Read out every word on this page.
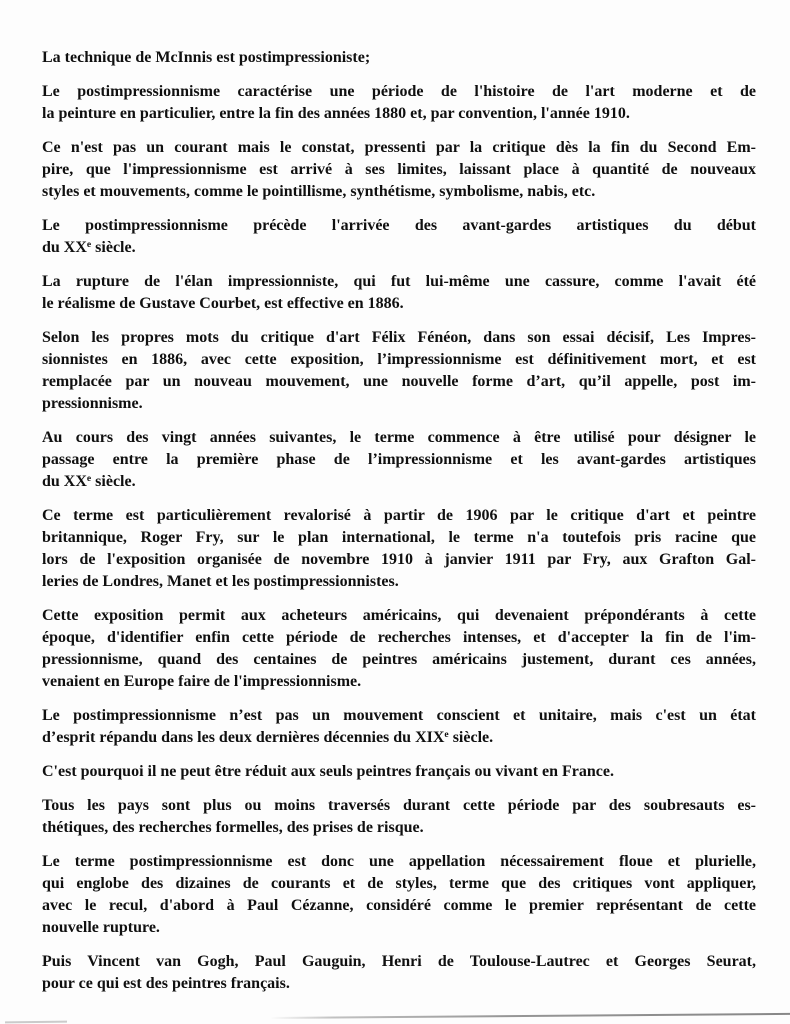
La technique de McInnis est postimpressioniste;
Le postimpressionnisme caractérise une période de l'histoire de l'art moderne et de
la peinture en particulier, entre la fin des années 1880 et, par convention, l'année 1910.
Ce n'est pas un courant mais le constat, pressenti par la critique dès la fin du Second Em-
pire, que l'impressionnisme est arrivé à ses limites, laissant place à quantité de nouveaux
styles et mouvements, comme le pointillisme, synthétisme, symbolisme, nabis, etc.
Le postimpressionnisme précède l'arrivée des avant-gardes artistiques du début
du XXe siècle.
La rupture de l'élan impressionniste, qui fut lui-même une cassure, comme l'avait été
le réalisme de Gustave Courbet, est effective en 1886.
Selon les propres mots du critique d'art Félix Fénéon, dans son essai décisif, Les Impres-
sionnistes en 1886, avec cette exposition, l’impressionnisme est définitivement mort, et est
remplacée par un nouveau mouvement, une nouvelle forme d’art, qu’il appelle, post im-
pressionnisme.
Au cours des vingt années suivantes, le terme commence à être utilisé pour désigner le
passage entre la première phase de l’impressionnisme et les avant-gardes artistiques
du XXe siècle.
Ce terme est particulièrement revalorisé à partir de 1906 par le critique d'art et peintre
britannique, Roger Fry, sur le plan international, le terme n'a toutefois pris racine que
lors de l'exposition organisée de novembre 1910 à janvier 1911 par Fry, aux Grafton Gal-
leries de Londres, Manet et les postimpressionnistes.
Cette exposition permit aux acheteurs américains, qui devenaient prépondérants à cette
époque, d'identifier enfin cette période de recherches intenses, et d'accepter la fin de l'im-
pressionnisme, quand des centaines de peintres américains justement, durant ces années,
venaient en Europe faire de l'impressionnisme.
Le postimpressionnisme n’est pas un mouvement conscient et unitaire, mais c'est un état
d’esprit répandu dans les deux dernières décennies du XIXe siècle.
C'est pourquoi il ne peut être réduit aux seuls peintres français ou vivant en France.
Tous les pays sont plus ou moins traversés durant cette période par des soubresauts es-
thétiques, des recherches formelles, des prises de risque.
Le terme postimpressionnisme est donc une appellation nécessairement floue et plurielle,
qui englobe des dizaines de courants et de styles, terme que des critiques vont appliquer,
avec le recul, d'abord à Paul Cézanne, considéré comme le premier représentant de cette
nouvelle rupture.
Puis Vincent van Gogh, Paul Gauguin, Henri de Toulouse-Lautrec et Georges Seurat,
pour ce qui est des peintres français.
